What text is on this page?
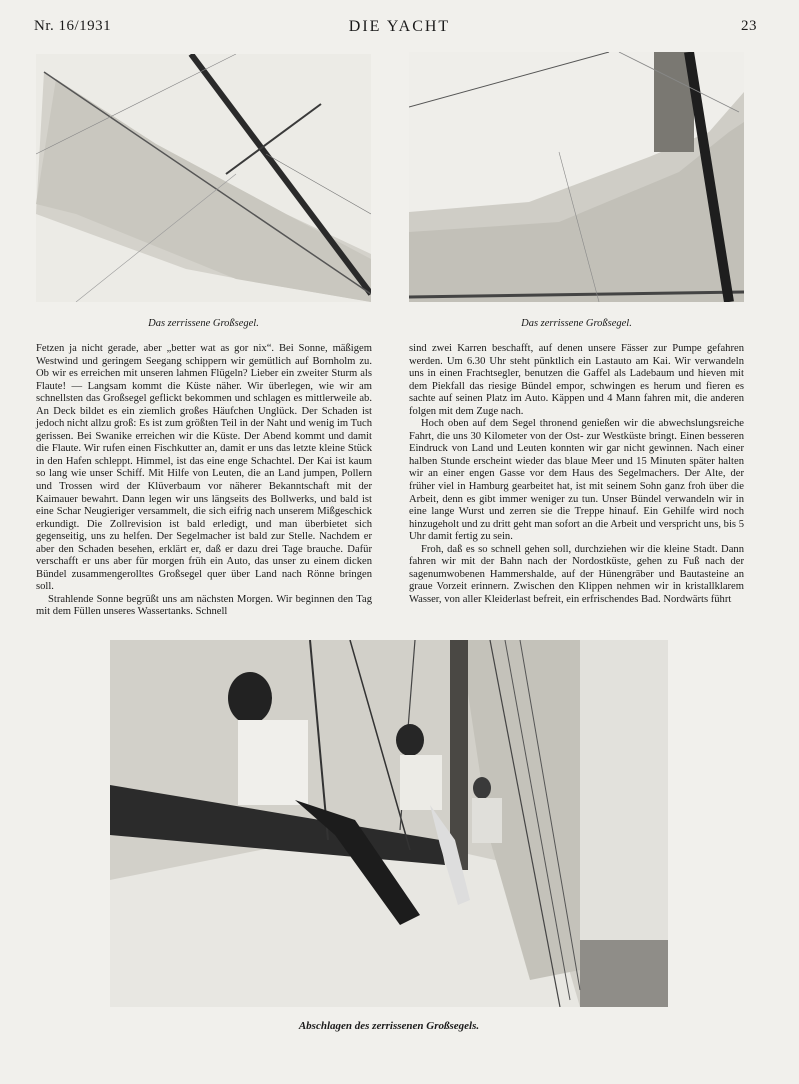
Nr. 16/1931	DIE YACHT	23
Das zerrissene Großsegel.	Das zerrissene Großsegel.

Fetzen ja nicht gerade, aber „better wat as gor nix“. Bei Sonne, mäßigem Westwind und geringem Seegang schippern wir gemütlich auf Bornholm zu. Ob wir es erreichen mit unseren lahmen Flügeln? Lieber ein zweiter Sturm als Flaute! — Langsam kommt die Küste näher. Wir überlegen, wie wir am schnellsten das Großsegel geflickt bekommen und schlagen es mittlerweile ab. An Deck bildet es ein ziemlich großes Häufchen Unglück. Der Schaden ist jedoch nicht allzu groß: Es ist zum größten Teil in der Naht und wenig im Tuch gerissen. Bei Swanike erreichen wir die Küste. Der Abend kommt und damit die Flaute. Wir rufen einen Fischkutter an, damit er uns das letzte kleine Stück in den Hafen schleppt. Himmel, ist das eine enge Schachtel. Der Kai ist kaum so lang wie unser Schiff. Mit Hilfe von Leuten, die an Land jumpen, Pollern und Trossen wird der Klüverbaum vor näherer Bekanntschaft mit der Kaimauer bewahrt. Dann legen wir uns längseits des Bollwerks, und bald ist eine Schar Neugieriger versammelt, die sich eifrig nach unserem Mißgeschick erkundigt. Die Zollrevision ist bald erledigt, und man überbietet sich gegenseitig, uns zu helfen. Der Segelmacher ist bald zur Stelle. Nachdem er aber den Schaden besehen, erklärt er, daß er dazu drei Tage brauche. Dafür verschafft er uns aber für morgen früh ein Auto, das unser zu einem dicken Bündel zusammengerolltes Großsegel quer über Land nach Rönne bringen soll.

Strahlende Sonne begrüßt uns am nächsten Morgen. Wir beginnen den Tag mit dem Füllen unseres Wassertanks. Schnell

sind zwei Karren beschafft, auf denen unsere Fässer zur Pumpe gefahren werden. Um 6.30 Uhr steht pünktlich ein Lastauto am Kai. Wir verwandeln uns in einen Frachtsegler, benutzen die Gaffel als Ladebaum und hieven mit dem Piekfall das riesige Bündel empor, schwingen es herum und fieren es sachte auf seinen Platz im Auto. Käppen und 4 Mann fahren mit, die anderen folgen mit dem Zuge nach.

Hoch oben auf dem Segel thronend genießen wir die abwechslungsreiche Fahrt, die uns 30 Kilometer von der Ost- zur Westküste bringt. Einen besseren Eindruck von Land und Leuten konnten wir gar nicht gewinnen. Nach einer halben Stunde erscheint wieder das blaue Meer und 15 Minuten später halten wir an einer engen Gasse vor dem Haus des Segelmachers. Der Alte, der früher viel in Hamburg gearbeitet hat, ist mit seinem Sohn ganz froh über die Arbeit, denn es gibt immer weniger zu tun. Unser Bündel verwandeln wir in eine lange Wurst und zerren sie die Treppe hinauf. Ein Gehilfe wird noch hinzugeholt und zu dritt geht man sofort an die Arbeit und verspricht uns, bis 5 Uhr damit fertig zu sein.

Froh, daß es so schnell gehen soll, durchziehen wir die kleine Stadt. Dann fahren wir mit der Bahn nach der Nordostküste, gehen zu Fuß nach der sagenumwobenen Hammershalde, auf der Hünengräber und Bautasteine an graue Vorzeit erinnern. Zwischen den Klippen nehmen wir in kristallklarem Wasser, von aller Kleiderlast befreit, ein erfrischendes Bad. Nordwärts führt

Abschlagen des zerrissenen Großsegels.
